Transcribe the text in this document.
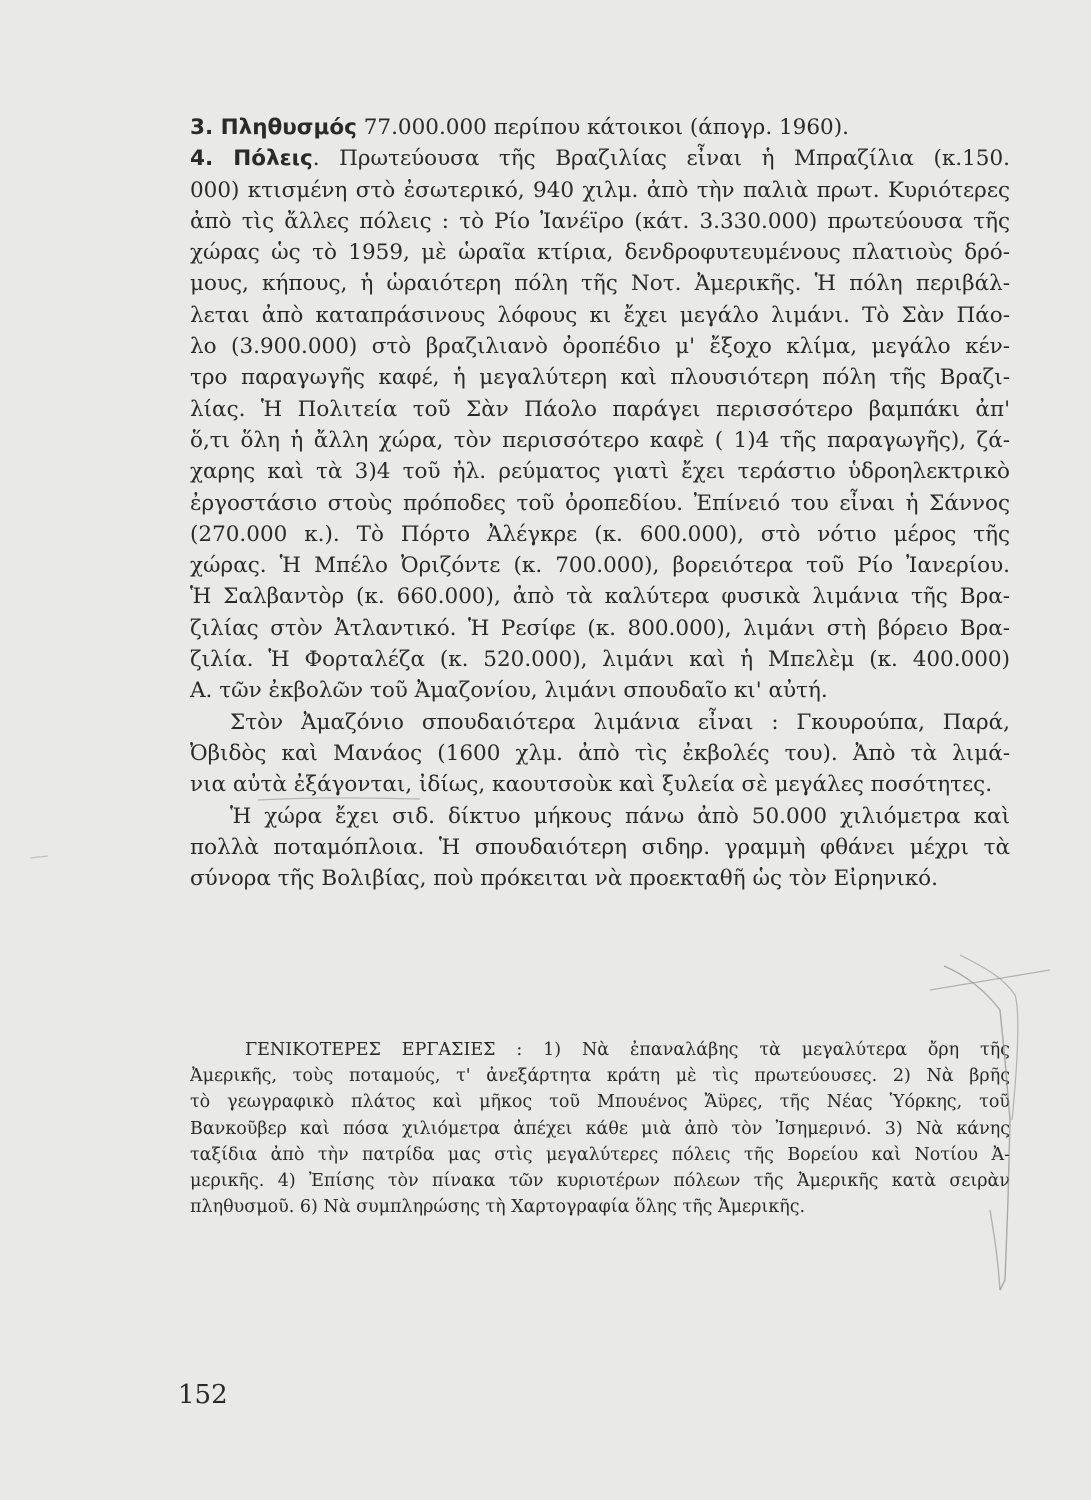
3. Πληθυσμός 77.000.000 περίπου κάτοικοι (άπογρ. 1960).
4. Πόλεις. Πρωτεύουσα τῆς Βραζιλίας εἶναι ἡ Μπραζίλια (κ.150.
000) κτισμένη στὸ ἐσωτερικό, 940 χιλμ. ἀπὸ τὴν παλιὰ πρωτ. Κυριότερες
ἀπὸ τὶς ἄλλες πόλεις : τὸ Ρίο Ἰανέϊρο (κάτ. 3.330.000) πρωτεύουσα τῆς
χώρας ὡς τὸ 1959, μὲ ὡραῖα κτίρια, δενδροφυτευμένους πλατιοὺς δρό-
μους, κήπους, ἡ ὡραιότερη πόλη τῆς Νοτ. Ἀμερικῆς. Ἡ πόλη περιβάλ-
λεται ἀπὸ καταπράσινους λόφους κι ἔχει μεγάλο λιμάνι. Τὸ Σὰν Πάο-
λο (3.900.000) στὸ βραζιλιανὸ ὀροπέδιο μ' ἔξοχο κλίμα, μεγάλο κέν-
τρο παραγωγῆς καφέ, ἡ μεγαλύτερη καὶ πλουσιότερη πόλη τῆς Βραζι-
λίας. Ἡ Πολιτεία τοῦ Σὰν Πάολο παράγει περισσότερο βαμπάκι ἀπ'
ὅ,τι ὅλη ἡ ἄλλη χώρα, τὸν περισσότερο καφὲ ( 1)4 τῆς παραγωγῆς), ζά-
χαρης καὶ τὰ 3)4 τοῦ ἠλ. ρεύματος γιατὶ ἔχει τεράστιο ὑδροηλεκτρικὸ
ἐργοστάσιο στοὺς πρόποδες τοῦ ὀροπεδίου. Ἐπίνειό του εἶναι ἡ Σάννος
(270.000 κ.). Τὸ Πόρτο Ἀλέγκρε (κ. 600.000), στὸ νότιο μέρος τῆς
χώρας. Ἡ Μπέλο Ὀριζόντε (κ. 700.000), βορειότερα τοῦ Ρίο Ἰανερίου.
Ἡ Σαλβαντὸρ (κ. 660.000), ἀπὸ τὰ καλύτερα φυσικὰ λιμάνια τῆς Βρα-
ζιλίας στὸν Ἀτλαντικό. Ἡ Ρεσίφε (κ. 800.000), λιμάνι στὴ βόρειο Βρα-
ζιλία. Ἡ Φορταλέζα (κ. 520.000), λιμάνι καὶ ἡ Μπελὲμ (κ. 400.000)
Α. τῶν ἐκβολῶν τοῦ Ἀμαζονίου, λιμάνι σπουδαῖο κι' αὐτή.
Στὸν Ἀμαζόνιο σπουδαιότερα λιμάνια εἶναι : Γκουρούπα, Παρά,
Ὀβιδὸς καὶ Μανάος (1600 χλμ. ἀπὸ τὶς ἐκβολές του). Ἀπὸ τὰ λιμά-
νια αὐτὰ ἐξάγονται, ἰδίως, καουτσοὺκ καὶ ξυλεία σὲ μεγάλες ποσότητες.
Ἡ χώρα ἔχει σιδ. δίκτυο μήκους πάνω ἀπὸ 50.000 χιλιόμετρα καὶ
πολλὰ ποταμόπλοια. Ἡ σπουδαιότερη σιδηρ. γραμμὴ φθάνει μέχρι τὰ
σύνορα τῆς Βολιβίας, ποὺ πρόκειται νὰ προεκταθῆ ὡς τὸν Εἰρηνικό.
ΓΕΝΙΚΟΤΕΡΕΣ ΕΡΓΑΣΙΕΣ : 1) Νὰ ἐπαναλάβης τὰ μεγαλύτερα ὄρη τῆς
Ἀμερικῆς, τοὺς ποταμούς, τ' ἀνεξάρτητα κράτη μὲ τὶς πρωτεύουσες. 2) Νὰ βρῆς
τὸ γεωγραφικὸ πλάτος καὶ μῆκος τοῦ Μπουένος Ἄϋρες, τῆς Νέας Ὑόρκης, τοῦ
Βανκοῦβερ καὶ πόσα χιλιόμετρα ἀπέχει κάθε μιὰ ἀπὸ τὸν Ἰσημερινό. 3) Νὰ κάνης
ταξίδια ἀπὸ τὴν πατρίδα μας στὶς μεγαλύτερες πόλεις τῆς Βορείου καὶ Νοτίου Ἀ-
μερικῆς. 4) Ἐπίσης τὸν πίνακα τῶν κυριοτέρων πόλεων τῆς Ἀμερικῆς κατὰ σειρὰν
πληθυσμοῦ. 6) Νὰ συμπληρώσης τὴ Χαρτογραφία ὅλης τῆς Ἀμερικῆς.
152
